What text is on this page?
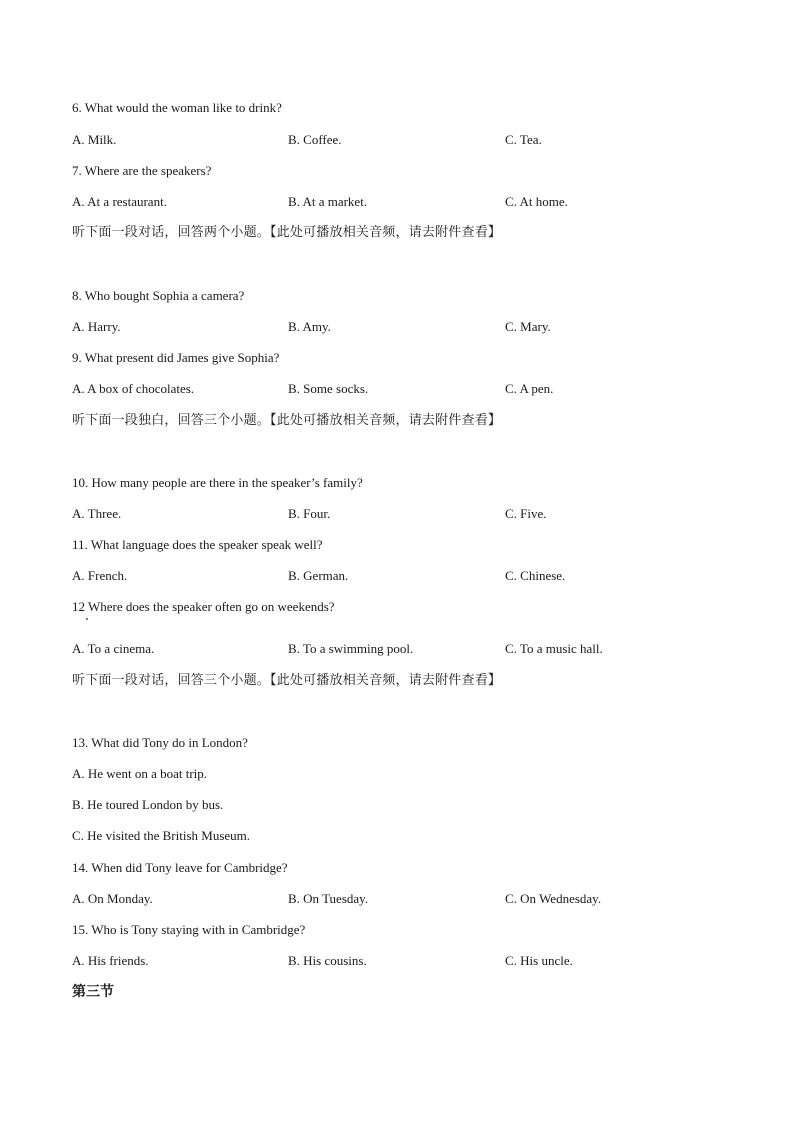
6. What would the woman like to drink?
A. Milk.	B. Coffee.	C. Tea.
7. Where are the speakers?
A. At a restaurant.	B. At a market.	C. At home.
听下面一段对话，回答两个小题。【此处可播放相关音频，请去附件查看】
8. Who bought Sophia a camera?
A. Harry.	B. Amy.	C. Mary.
9. What present did James give Sophia?
A. A box of chocolates.	B. Some socks.	C. A pen.
听下面一段独白，回答三个小题。【此处可播放相关音频，请去附件查看】
10. How many people are there in the speaker’s family?
A. Three.	B. Four.	C. Five.
11. What language does the speaker speak well?
A. French.	B. German.	C. Chinese.
12 Where does the speaker often go on weekends?
A. To a cinema.	B. To a swimming pool.	C. To a music hall.
听下面一段对话，回答三个小题。【此处可播放相关音频，请去附件查看】
13. What did Tony do in London?
A. He went on a boat trip.
B. He toured London by bus.
C. He visited the British Museum.
14. When did Tony leave for Cambridge?
A. On Monday.	B. On Tuesday.	C. On Wednesday.
15. Who is Tony staying with in Cambridge?
A. His friends.	B. His cousins.	C. His uncle.
第三节
